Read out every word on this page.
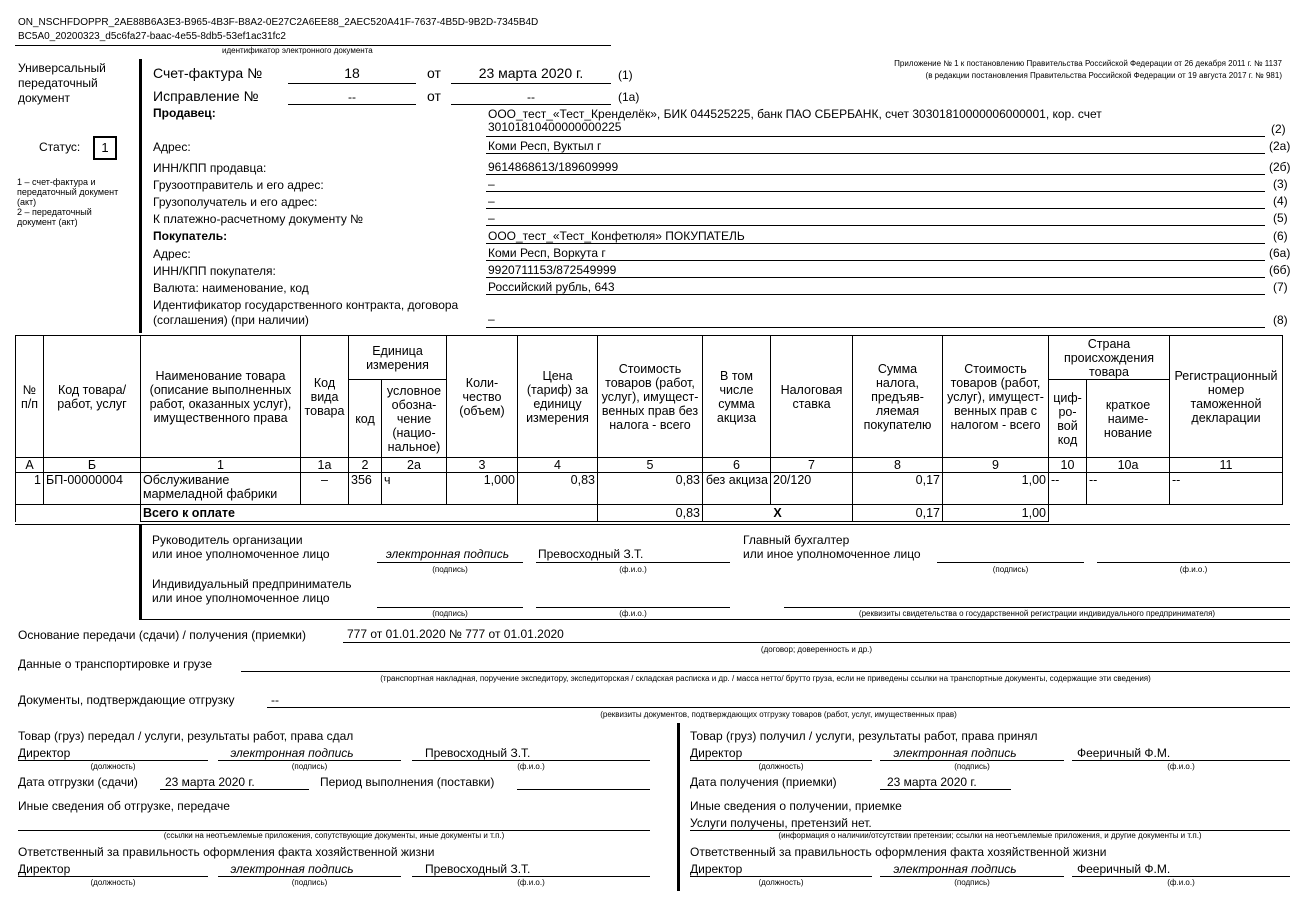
ON_NSCHFDOPPR_2AE88B6A3E3-B965-4B3F-B8A2-0E27C2A6EE88_2AEC520A41F-7637-4B5D-9B2D-7345B4D
BC5A0_20200323_d5c6fa27-baac-4e55-8db5-53ef1ac31fc2
идентификатор электронного документа
Приложение № 1 к постановлению Правительства Российской Федерации от 26 декабря 2011 г. № 1137
(в редакции постановления Правительства Российской Федерации от 19 августа 2017 г. № 981)
Универсальный
передаточный
документ
Статус:	1
1 – счет-фактура и
передаточный документ
(акт)
2 – передаточный
документ (акт)
Счет-фактура №	18	от	23 марта 2020 г.	(1)
Исправление №	--	от	--	(1а)
Продавец:	ООО_тест_«Тест_Кренделёк», БИК 044525225, банк ПАО СБЕРБАНК, счет 30301810000006000001, кор. счет
30101810400000000225	(2)
Адрес:	Коми Респ, Вуктыл г	(2а)
ИНН/КПП продавца:	9614868613/189609999	(2б)
Грузоотправитель и его адрес:	–	(3)
Грузополучатель и его адрес:	–	(4)
К платежно-расчетному документу №	–	(5)
Покупатель:	ООО_тест_«Тест_Конфетюля» ПОКУПАТЕЛЬ	(6)
Адрес:	Коми Респ, Воркута г	(6а)
ИНН/КПП покупателя:	9920711153/872549999	(6б)
Валюта: наименование, код	Российский рубль, 643	(7)
Идентификатор государственного контракта, договора
(соглашения) (при наличии)	–	(8)
№ п/п	Код товара/ работ, услуг	Наименование товара (описание выполненных работ, оказанных услуг), имущественного права	Код вида товара	Единица измерения		Коли-чество (объем)	Цена (тариф) за единицу измерения	Стоимость товаров (работ, услуг), имущест-венных прав без налога - всего	В том числе сумма акциза	Налоговая ставка	Сумма налога, предъяв-ляемая покупателю	Стоимость товаров (работ, услуг), имущест-венных прав с налогом - всего	Страна происхождения товара		Регистрационный номер таможенной декларации
				код	условное обозна-чение (нацио-нальное)								циф-ро-вой код	краткое наиме-нование	
А	Б	1	1а	2	2а	3	4	5	6	7	8	9	10	10а	11
1	БП-00000004	Обслуживание мармеладной фабрики	–	356	ч	1,000	0,83	0,83	без акциза	20/120	0,17	1,00	--	--	--
		Всего к оплате						0,83	Х		0,17	1,00			
Руководитель организации
или иное уполномоченное лицо	электронная подпись
(подпись)
Превосходный З.Т.
(ф.и.о.)
Главный бухгалтер
или иное уполномоченное лицо
(подпись)	(ф.и.о.)
Индивидуальный предприниматель
или иное уполномоченное лицо
(подпись)	(ф.и.о.)	(реквизиты свидетельства о государственной регистрации индивидуального предпринимателя)
Основание передачи (сдачи) / получения (приемки)	777 от 01.01.2020 № 777 от 01.01.2020
(договор; доверенность и др.)
Данные о транспортировке и грузе
(транспортная накладная, поручение экспедитору, экспедиторская / складская расписка и др. / масса нетто/ брутто груза, если не приведены ссылки на транспортные документы, содержащие эти сведения)
Документы, подтверждающие отгрузку	--
(реквизиты документов, подтверждающих отгрузку товаров (работ, услуг, имущественных прав)
Товар (груз) передал / услуги, результаты работ, права сдал
Директор
(должность)
электронная подпись
(подпись)
Превосходный З.Т.
(ф.и.о.)
Дата отгрузки (сдачи) 23 марта 2020 г.	Период выполнения (поставки)
Иные сведения об отгрузке, передаче
(ссылки на неотъемлемые приложения, сопутствующие документы, иные документы и т.п.)
Ответственный за правильность оформления факта хозяйственной жизни
Директор
(должность)
электронная подпись
(подпись)
Превосходный З.Т.
(ф.и.о.)
Товар (груз) получил / услуги, результаты работ, права принял
Директор
(должность)
электронная подпись
(подпись)
Фееричный Ф.М.
(ф.и.о.)
Дата получения (приемки)	23 марта 2020 г.
Иные сведения о получении, приемке
Услуги получены, претензий нет.
(информация о наличии/отсутствии претензии; ссылки на неотъемлемые приложения, и другие документы и т.п.)
Ответственный за правильность оформления факта хозяйственной жизни
Директор
(должность)
электронная подпись
(подпись)
Фееричный Ф.М.
(ф.и.о.)
